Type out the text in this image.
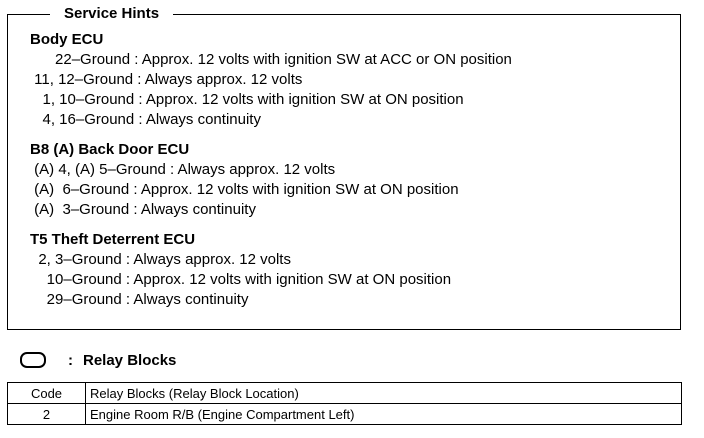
Service Hints
Body ECU
22–Ground : Approx. 12 volts with ignition SW at ACC or ON position
11, 12–Ground : Always approx. 12 volts
1, 10–Ground : Approx. 12 volts with ignition SW at ON position
4, 16–Ground : Always continuity
B8 (A) Back Door ECU
(A) 4, (A) 5–Ground : Always approx. 12 volts
(A)  6–Ground : Approx. 12 volts with ignition SW at ON position
(A)  3–Ground : Always continuity
T5 Theft Deterrent ECU
2, 3–Ground : Always approx. 12 volts
10–Ground : Approx. 12 volts with ignition SW at ON position
29–Ground : Always continuity
: Relay Blocks
Code	Relay Blocks (Relay Block Location)
2	Engine Room R/B (Engine Compartment Left)
